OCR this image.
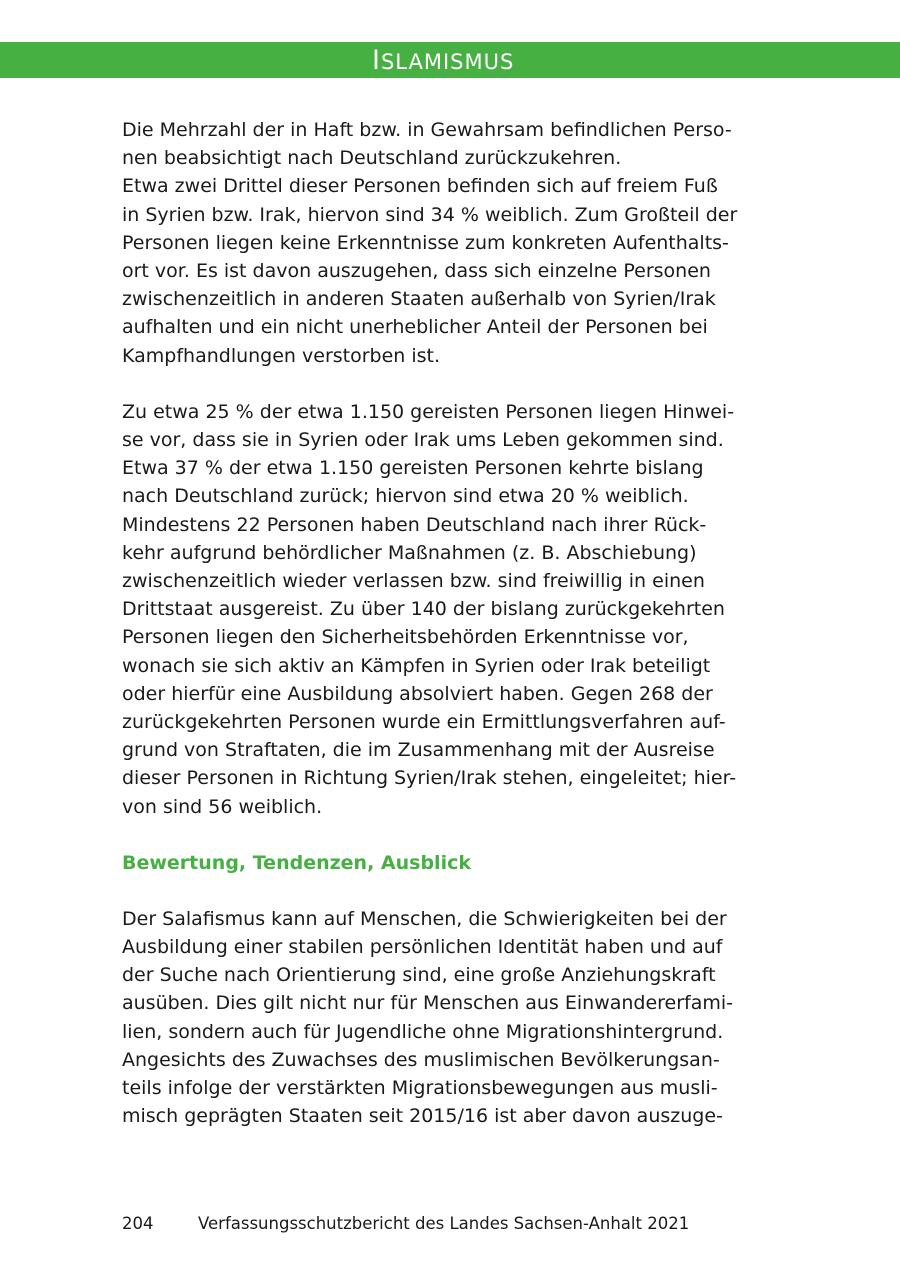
ISLAMISMUS

Die Mehrzahl der in Haft bzw. in Gewahrsam befindlichen Perso-
nen beabsichtigt nach Deutschland zurückzukehren.
Etwa zwei Drittel dieser Personen befinden sich auf freiem Fuß
in Syrien bzw. Irak, hiervon sind 34 % weiblich. Zum Großteil der
Personen liegen keine Erkenntnisse zum konkreten Aufenthalts-
ort vor. Es ist davon auszugehen, dass sich einzelne Personen
zwischenzeitlich in anderen Staaten außerhalb von Syrien/Irak
aufhalten und ein nicht unerheblicher Anteil der Personen bei
Kampfhandlungen verstorben ist.

Zu etwa 25 % der etwa 1.150 gereisten Personen liegen Hinwei-
se vor, dass sie in Syrien oder Irak ums Leben gekommen sind.
Etwa 37 % der etwa 1.150 gereisten Personen kehrte bislang
nach Deutschland zurück; hiervon sind etwa 20 % weiblich.
Mindestens 22 Personen haben Deutschland nach ihrer Rück-
kehr aufgrund behördlicher Maßnahmen (z. B. Abschiebung)
zwischenzeitlich wieder verlassen bzw. sind freiwillig in einen
Drittstaat ausgereist. Zu über 140 der bislang zurückgekehrten
Personen liegen den Sicherheitsbehörden Erkenntnisse vor,
wonach sie sich aktiv an Kämpfen in Syrien oder Irak beteiligt
oder hierfür eine Ausbildung absolviert haben. Gegen 268 der
zurückgekehrten Personen wurde ein Ermittlungsverfahren auf-
grund von Straftaten, die im Zusammenhang mit der Ausreise
dieser Personen in Richtung Syrien/Irak stehen, eingeleitet; hier-
von sind 56 weiblich.

Bewertung, Tendenzen, Ausblick

Der Salafismus kann auf Menschen, die Schwierigkeiten bei der
Ausbildung einer stabilen persönlichen Identität haben und auf
der Suche nach Orientierung sind, eine große Anziehungskraft
ausüben. Dies gilt nicht nur für Menschen aus Einwandererfami-
lien, sondern auch für Jugendliche ohne Migrationshintergrund.
Angesichts des Zuwachses des muslimischen Bevölkerungsan-
teils infolge der verstärkten Migrationsbewegungen aus musli-
misch geprägten Staaten seit 2015/16 ist aber davon auszuge-

204	Verfassungsschutzbericht des Landes Sachsen-Anhalt 2021
